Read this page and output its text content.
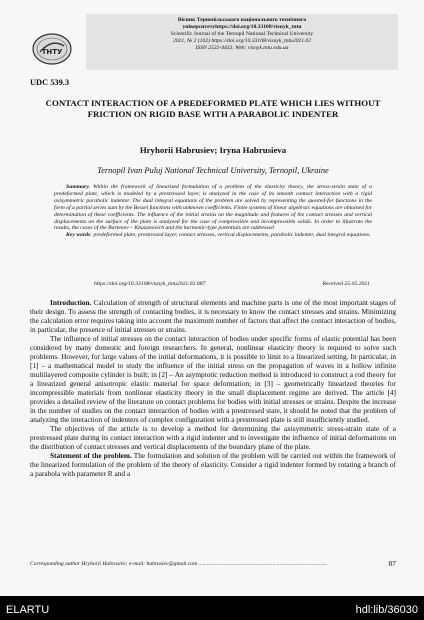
ТНТУ
Вісник Тернопільського національного технічного
університетуhttps://doi.org/10.33108/visnyk_tntu
Scientific Journal of the Ternopil National Technical University
2021, № 2 (102) https://doi.org/10.33108/visnyk_tntu2021.02
ISSN 2522-4433. Web: visnyk.tntu.edu.ua
UDC 539.3
CONTACT INTERACTION OF A PREDEFORMED PLATE WHICH LIES WITHOUT FRICTION ON RIGID BASE WITH A PARABOLIC INDENTER
Hryhorii Habrusiev; Iryna Habrusieva
Ternopil Ivan Puluj National Technical University, Ternopil, Ukraine

Summary. Within the framework of linearized formulation of a problem of the elasticity theory, the stress-strain state of a predeformed plate, which is modeled by a prestressed layer, is analyzed in the case of its smooth contact interaction with a rigid axisymmetric parabolic indenter. The dual integral equations of the problem are solved by representing the quested-for functions in the form of a partial series sum by the Bessel functions with unknown coefficients. Finite systems of linear algebraic equations are obtained for determination of these coefficients. The influence of the initial strains on the magnitude and features of the contact stresses and vertical displacements on the surface of the plate is analyzed for the case of compressible and incompressible solids. In order to illustrate the results, the cases of the Bartenev – Khazanovich and the harmonic-type potentials are addressed

Key words: predeformed plate, prestressed layer, contact stresses, vertical displacements, parabolic indenter, dual integral equations.

https://doi.org/10.33108/visnyk_tntu2021.02.087	Received 25.05.2021

Introduction. Calculation of strength of structural elements and machine parts is one of the most important stages of their design. To assess the strength of contacting bodies, it is necessary to know the contact stresses and strains. Minimizing the calculation error requires taking into account the maximum number of factors that affect the contact interaction of bodies, in particular, the presence of initial stresses or strains.

The influence of initial stresses on the contact interaction of bodies under specific forms of elastic potential has been considered by many domestic and foreign researchers. In general, nonlinear elasticity theory is required to solve such problems. However, for large values of the initial deformations, it is possible to limit to a linearized setting. In particular, in [1] – a mathematical model to study the influence of the initial stress on the propagation of waves in a hollow infinite multilayered composite cylinder is built; in [2] – An asymptotic reduction method is introduced to construct a rod theory for a linearized general anisotropic elastic material for space deformation; in [3] – geometrically linearized theories for incompressible materials from nonlinear elasticity theory in the small displacement regime are derived. The article [4] provides a detailed review of the literature on contact problems for bodies with initial stresses or strains. Despite the increase in the number of studies on the contact interaction of bodies with a prestressed state, it should be noted that the problem of analyzing the interaction of indenters of complex configuration with a prestressed plate is still insufficiently studied.

The objectives of the article is to develop a method for determining the axisymmetric stress-strain state of a prestressed plate during its contact interaction with a rigid indenter and to investigate the influence of initial deformations on the distribution of contact stresses and vertical displacements of the boundary plane of the plate.

Statement of the problem. The formulation and solution of the problem will be carried out within the framework of the linearized formulation of the problem of the theory of elasticity. Consider a rigid indenter formed by rotating a branch of a parabola with parameter R and a

Corresponding author Hryhorii Habrusiev; e-mail: habrusiev@gmail.com ............................................................................................	87
ELARTU	hdl:lib/36030
